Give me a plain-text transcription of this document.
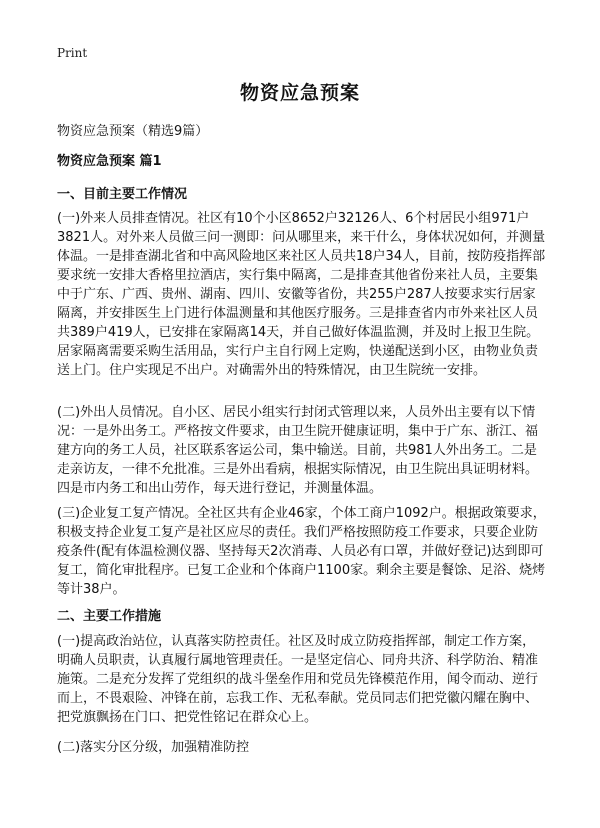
Print
物资应急预案
物资应急预案（精选9篇）
物资应急预案 篇1
一、目前主要工作情况
(一)外来人员排查情况。社区有10个小区8652户32126人、6个村居民小组971户3821人。对外来人员做三问一测即：问从哪里来，来干什么，身体状况如何，并测量体温。一是排查湖北省和中高风险地区来社区人员共18户34人，目前，按防疫指挥部要求统一安排大香格里拉酒店，实行集中隔离，二是排查其他省份来社人员，主要集中于广东、广西、贵州、湖南、四川、安徽等省份，共255户287人按要求实行居家隔离，并安排医生上门进行体温测量和其他医疗服务。三是排查省内市外来社区人员共389户419人，已安排在家隔离14天，并自己做好体温监测，并及时上报卫生院。居家隔离需要采购生活用品，实行户主自行网上定购，快递配送到小区，由物业负责送上门。住户实现足不出户。对确需外出的特殊情况，由卫生院统一安排。
(二)外出人员情况。自小区、居民小组实行封闭式管理以来，人员外出主要有以下情况：一是外出务工。严格按文件要求，由卫生院开健康证明，集中于广东、浙江、福建方向的务工人员，社区联系客运公司，集中输送。目前，共981人外出务工。二是走亲访友，一律不允批准。三是外出看病，根据实际情况，由卫生院出具证明材料。四是市内务工和出山劳作，每天进行登记，并测量体温。
(三)企业复工复产情况。全社区共有企业46家，个体工商户1092户。根据政策要求，积极支持企业复工复产是社区应尽的责任。我们严格按照防疫工作要求，只要企业防疫条件(配有体温检测仪器、坚持每天2次消毒、人员必有口罩，并做好登记)达到即可复工，简化审批程序。已复工企业和个体商户1100家。剩余主要是餐馀、足浴、烧烤等计38户。
二、主要工作措施
(一)提高政治站位，认真落实防控责任。社区及时成立防疫指挥部，制定工作方案，明确人员职责，认真履行属地管理责任。一是坚定信心、同舟共济、科学防治、精准施策。二是充分发挥了党组织的战斗堡垒作用和党员先锋模范作用，闻令而动、逆行而上，不畏艰险、冲锋在前，忘我工作、无私奉献。党员同志们把党徽闪耀在胸中、把党旗飘扬在门口、把党性铭记在群众心上。
(二)落实分区分级，加强精准防控
